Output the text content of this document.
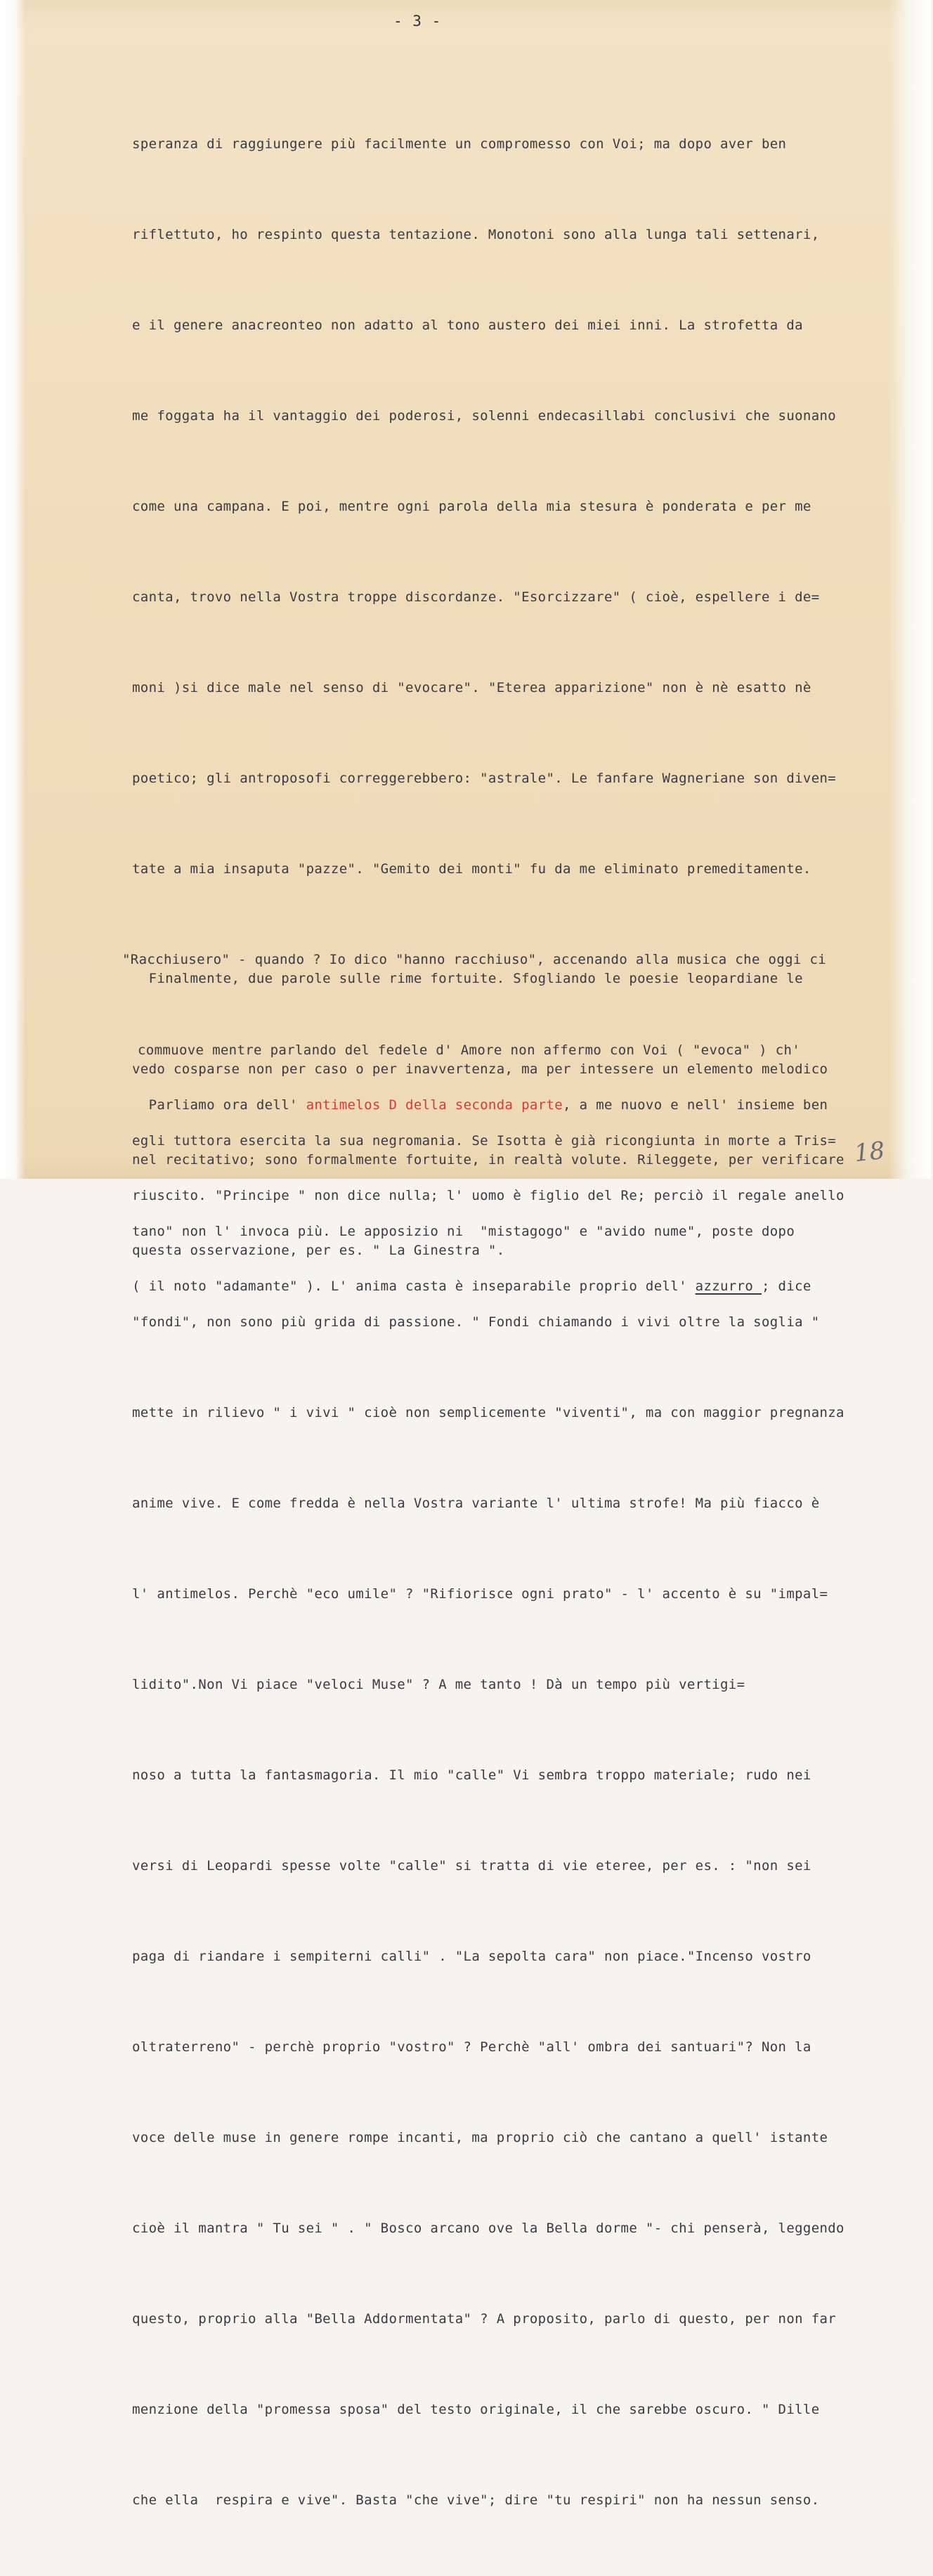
- 3 -

speranza di raggiungere più facilmente un compromesso con Voi; ma dopo aver ben

riflettuto, ho respinto questa tentazione. Monotoni sono alla lunga tali settenari,

e il genere anacreonteo non adatto al tono austero dei miei inni. La strofetta da

me foggata ha il vantaggio dei poderosi, solenni endecasillabi conclusivi che suonano

come una campana. E poi, mentre ogni parola della mia stesura è ponderata e per me

canta, trovo nella Vostra troppe discordanze. "Esorcizzare" ( cioè, espellere i de=

moni )si dice male nel senso di "evocare". "Eterea apparizione" non è nè esatto nè

poetico; gli antroposofi correggerebbero: "astrale". Le fanfare Wagneriane son diven=

tate a mia insaputa "pazze". "Gemito dei monti" fu da me eliminato premeditamente.

"Racchiusero" - quando ? Io dico "hanno racchiuso", accenando alla musica che oggi ci

commuove mentre parlando del fedele d' Amore non affermo con Voi ( "evoca" ) ch'

egli tuttora esercita la sua negromania. Se Isotta è già ricongiunta in morte a Tris=

tano" non l' invoca più. Le apposizio ni  "mistagogo" e "avido nume", poste dopo

"fondi", non sono più grida di passione. " Fondi chiamando i vivi oltre la soglia "

mette in rilievo " i vivi " cioè non semplicemente "viventi", ma con maggior pregnanza

anime vive. E come fredda è nella Vostra variante l' ultima strofe! Ma più fiacco è

l' antimelos. Perchè "eco umile" ? "Rifiorisce ogni prato" - l' accento è su "impal=

lidito".Non Vi piace "veloci Muse" ? A me tanto ! Dà un tempo più vertigi=

noso a tutta la fantasmagoria. Il mio "calle" Vi sembra troppo materiale; rudo nei

versi di Leopardi spesse volte "calle" si tratta di vie eteree, per es. : "non sei

paga di riandare i sempiterni calli" . "La sepolta cara" non piace."Incenso vostro

oltraterreno" - perchè proprio "vostro" ? Perchè "all' ombra dei santuari"? Non la

voce delle muse in genere rompe incanti, ma proprio ciò che cantano a quell' istante

cioè il mantra " Tu sei " . " Bosco arcano ove la Bella dorme "- chi penserà, leggendo

questo, proprio alla "Bella Addormentata" ? A proposito, parlo di questo, per non far

menzione della "promessa sposa" del testo originale, il che sarebbe oscuro. " Dille

che ella  respira e vive". Basta "che vive"; dire "tu respiri" non ha nessun senso.

Finalmente, due parole sulle rime fortuite. Sfogliando le poesie leopardiane le

vedo cosparse non per caso o per inavvertenza, ma per intessere un elemento melodico

nel recitativo; sono formalmente fortuite, in realtà volute. Rileggete, per verificare

questa osservazione, per es. " La Ginestra ".

Parliamo ora dell' antimelos D della seconda parte, a me nuovo e nell' insieme ben

riuscito. "Principe " non dice nulla; l' uomo è figlio del Re; perciò il regale anello

( il noto "adamante" ). L' anima casta è inseparabile proprio dell' azzurro ; dice

18
